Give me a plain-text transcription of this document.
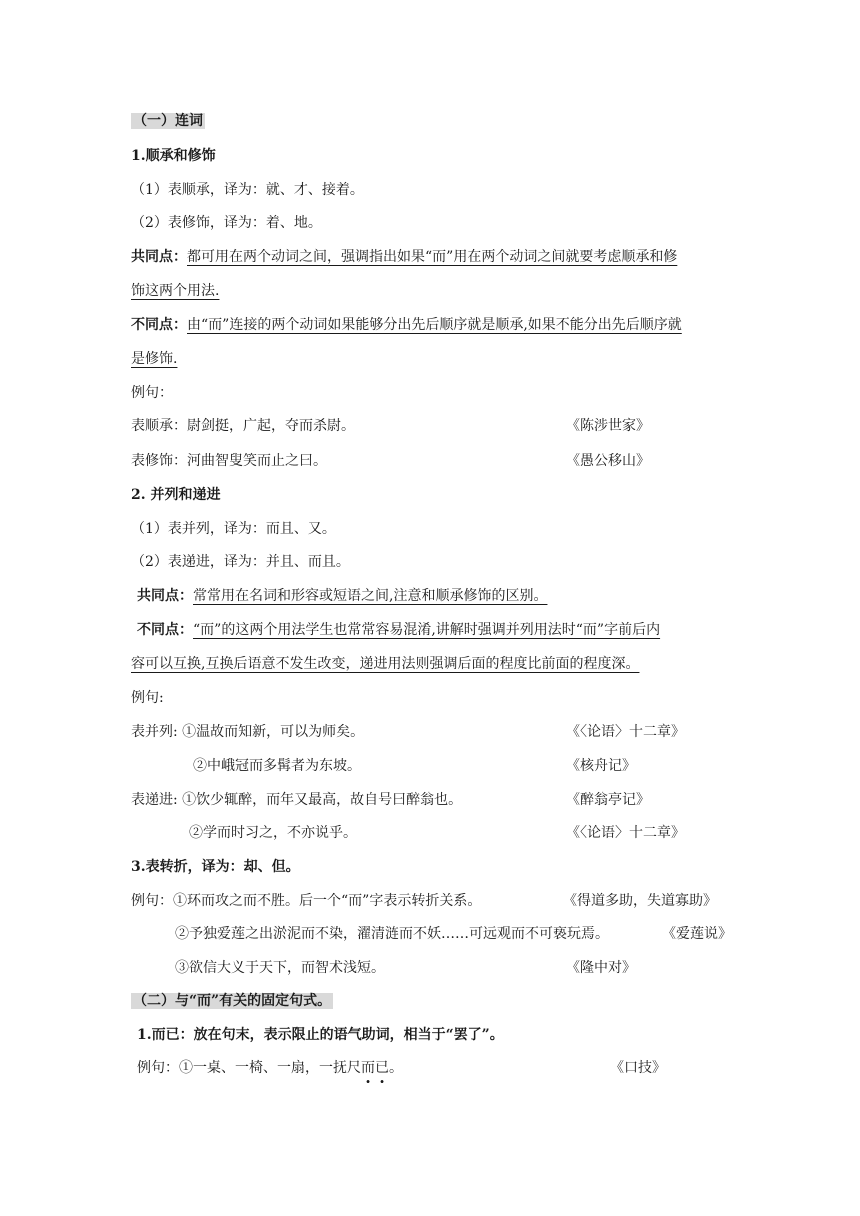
（一）连词
1.顺承和修饰
（1）表顺承，译为：就、才、接着。
（2）表修饰，译为：着、地。
共同点：都可用在两个动词之间，强调指出如果“而”用在两个动词之间就要考虑顺承和修
饰这两个用法.
不同点：由“而”连接的两个动词如果能够分出先后顺序就是顺承,如果不能分出先后顺序就
是修饰.
例句：
表顺承：尉剑挺，广起，夺而杀尉。	《陈涉世家》
表修饰：河曲智叟笑而止之曰。	《愚公移山》
2. 并列和递进
（1）表并列，译为：而且、又。
（2）表递进，译为：并且、而且。
共同点：常常用在名词和形容或短语之间,注意和顺承修饰的区别。
不同点：“而”的这两个用法学生也常常容易混淆,讲解时强调并列用法时“而”字前后内
容可以互换,互换后语意不发生改变，递进用法则强调后面的程度比前面的程度深。
例句:
表并列: ①温故而知新，可以为师矣。	《〈论语〉十二章》
②中峨冠而多髯者为东坡。	《核舟记》
表递进: ①饮少辄醉，而年又最高，故自号曰醉翁也。	《醉翁亭记》
②学而时习之，不亦说乎。	《〈论语〉十二章》
3.表转折，译为：却、但。
例句：①环而攻之而不胜。后一个“而”字表示转折关系。	《得道多助，失道寡助》
②予独爱莲之出淤泥而不染，濯清涟而不妖……可远观而不可亵玩焉。	《爱莲说》
③欲信大义于天下，而智术浅短。	《隆中对》
（二）与“而”有关的固定句式。
1.而已：放在句末，表示限止的语气助词，相当于“罢了”。
例句：①一桌、一椅、一扇，一抚尺而已。	《口技》
